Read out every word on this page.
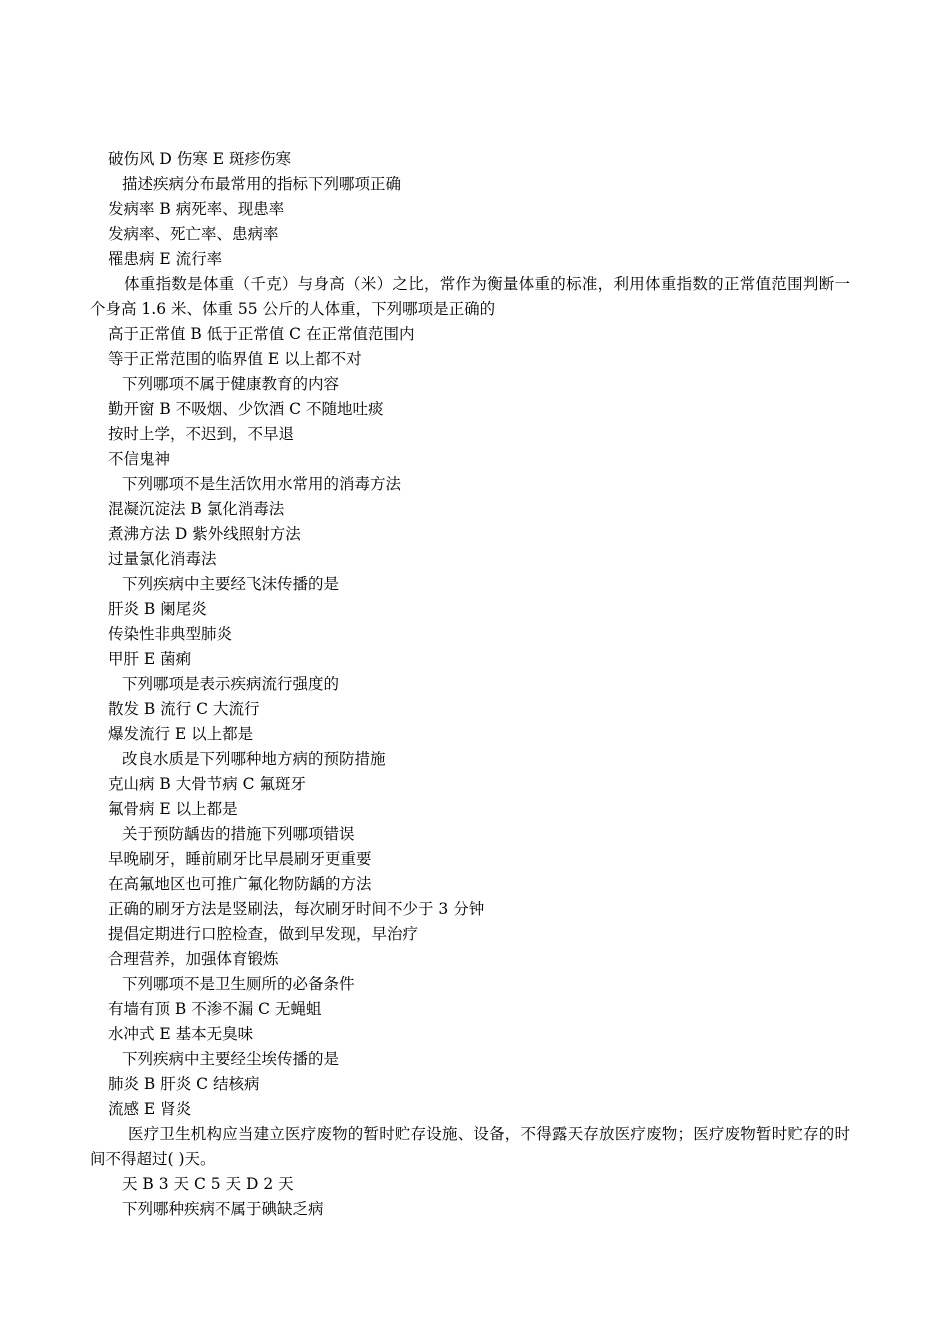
破伤风 D 伤寒 E 斑疹伤寒
描述疾病分布最常用的指标下列哪项正确
发病率 B 病死率、现患率
发病率、死亡率、患病率
罹患病 E 流行率
体重指数是体重（千克）与身高（米）之比，常作为衡量体重的标准，利用体重指数的正常值范围判断一个身高 1.6 米、体重 55 公斤的人体重，下列哪项是正确的
高于正常值 B 低于正常值 C 在正常值范围内
等于正常范围的临界值 E 以上都不对
下列哪项不属于健康教育的内容
勤开窗 B 不吸烟、少饮酒 C 不随地吐痰
按时上学，不迟到，不早退
不信鬼神
下列哪项不是生活饮用水常用的消毒方法
混凝沉淀法 B 氯化消毒法
煮沸方法 D 紫外线照射方法
过量氯化消毒法
下列疾病中主要经飞沫传播的是
肝炎 B 阑尾炎
传染性非典型肺炎
甲肝 E 菌痢
下列哪项是表示疾病流行强度的
散发 B 流行 C 大流行
爆发流行 E 以上都是
改良水质是下列哪种地方病的预防措施
克山病 B 大骨节病 C 氟斑牙
氟骨病 E 以上都是
关于预防龋齿的措施下列哪项错误
早晚刷牙，睡前刷牙比早晨刷牙更重要
在高氟地区也可推广氟化物防龋的方法
正确的刷牙方法是竖刷法，每次刷牙时间不少于 3 分钟
提倡定期进行口腔检查，做到早发现，早治疗
合理营养，加强体育锻炼
下列哪项不是卫生厕所的必备条件
有墙有顶 B 不渗不漏 C 无蝇蛆
水冲式 E 基本无臭味
下列疾病中主要经尘埃传播的是
肺炎 B 肝炎 C 结核病
流感 E 肾炎
医疗卫生机构应当建立医疗废物的暂时贮存设施、设备，不得露天存放医疗废物；医疗废物暂时贮存的时间不得超过( )天。
天 B 3 天 C 5 天 D 2 天
下列哪种疾病不属于碘缺乏病
